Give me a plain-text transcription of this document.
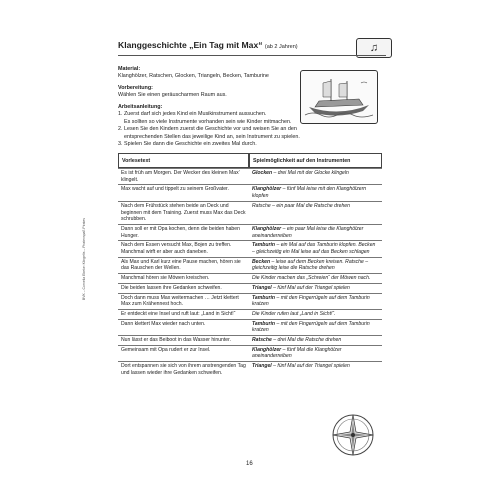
Klanggeschichte „Ein Tag mit Max“ (ab 2 Jahren)	♫
Material:
Klanghölzer, Ratschen, Glocken, Triangeln, Becken, Tamburine
Vorbereitung:
Wählen Sie einen geräuscharmen Raum aus.
Arbeitsanleitung:
1. Zuerst darf sich jedes Kind ein Musikinstrument aussuchen.
Es sollten so viele Instrumente vorhanden sein wie Kinder mitmachen.
2. Lesen Sie den Kindern zuerst die Geschichte vor und weisen Sie an den
entsprechenden Stellen das jeweilige Kind an, sein Instrument zu spielen.
3. Spielen Sie dann die Geschichte ein zweites Mal durch.
Vorlesetext	Spielmöglichkeit auf den Instrumenten
Es ist früh am Morgen. Der Wecker des kleinen Max’ klingelt.	Glocken – drei Mal mit der Glocke klingeln
Max wacht auf und tippelt zu seinem Großvater.	Klanghölzer – fünf Mal leise mit den Klanghölzern klopfen
Nach dem Frühstück stehen beide an Deck und beginnen mit dem Training. Zuerst muss Max das Deck schrubben.	Ratsche – ein paar Mal die Ratsche drehen
Dann soll er mit Opa kochen, denn die beiden haben Hunger.	Klanghölzer – ein paar Mal leise die Klanghölzer aneinanderreiben
Nach dem Essen versucht Max, Bojen zu treffen. Manchmal wirft er aber auch daneben.	Tamburin – ein Mal auf das Tamburin klopfen. Becken – gleichzeitig ein Mal leise auf das Becken schlagen
Als Max und Karl kurz eine Pause machen, hören sie das Rauschen der Wellen.	Becken – leise auf dem Becken kreisen. Ratsche – gleichzeitig leise die Ratsche drehen
Manchmal hören sie Möwen kreischen.	Die Kinder machen das „Schreien“ der Möwen nach.
Die beiden lassen ihre Gedanken schweifen.	Triangel – fünf Mal auf der Triangel spielen
Doch dann muss Max weitermachen … Jetzt klettert Max zum Krähennest hoch.	Tamburin – mit den Fingerrügeln auf dem Tamburin kratzen
Er entdeckt eine Insel und ruft laut: „Land in Sicht!“	Die Kinder rufen laut „Land in Sicht!“.
Dann klettert Max wieder nach unten.	Tamburin – mit den Fingerrügeln auf dem Tamburin kratzen
Nun lässt er das Beiboot in das Wasser hinunter.	Ratsche – drei Mal die Ratsche drehen
Gemeinsam mit Opa rudert er zur Insel.	Klanghölzer – fünf Mal die Klanghölzer aneinanderreiben
Dort entspannen sie sich von ihrem anstrengenden Tag und lassen wieder ihre Gedanken schweifen.	Triangel – fünf Mal auf der Triangel spielen
BVK – Cornelia Ebeke: Klingelts – Piratenspaß Pirates
16
